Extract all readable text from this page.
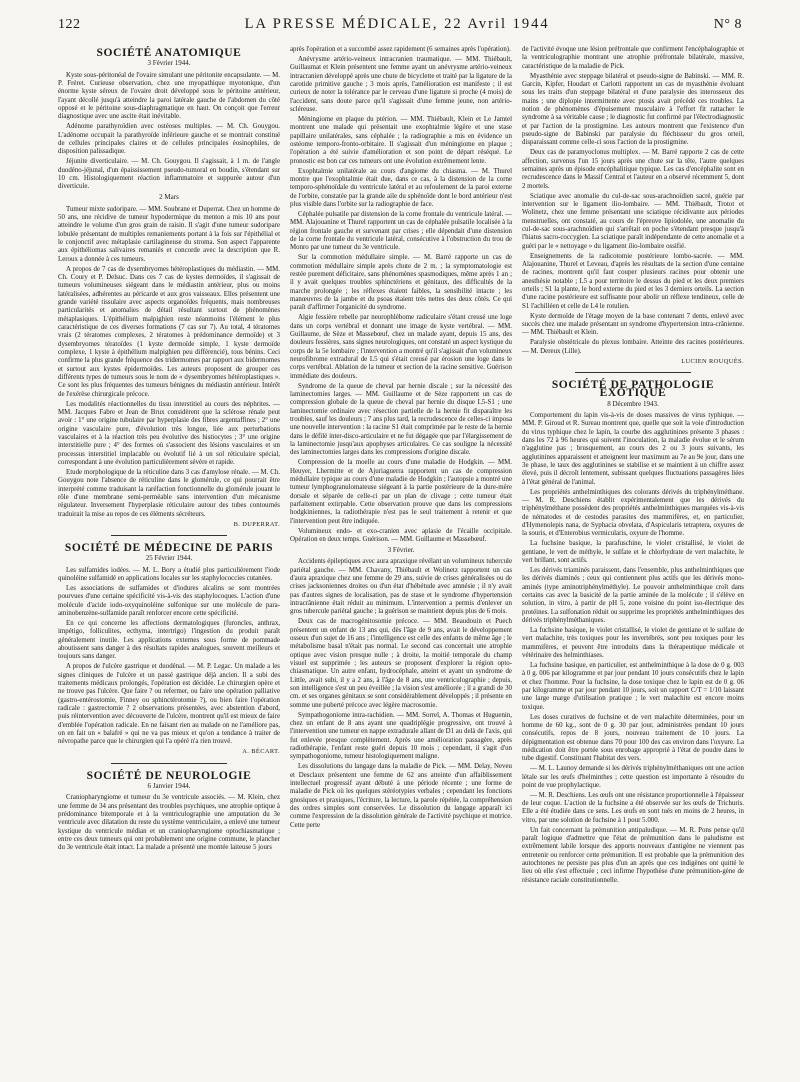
122	LA PRESSE MÉDICALE, 22 Avril 1944	N° 8
SOCIÉTÉ ANATOMIQUE
3 Février 1944.

Kyste sous-péritonéal de l'ovaire simulant une péritonite encapsulante. — M. P. Fréret. Curieuse observation, chez une myopathique myotonique, d'un énorme kyste séreux de l'ovaire droit développé sous le péritoine antérieur, l'ayant décollé jusqu'à atteindre la paroi latérale gauche de l'abdomen du côté opposé et le péritoine sous-diaphragmatique en haut. On conçoit que l'erreur diagnostique avec une ascite était inévitable.

Adénome parathyroïdien avec ostéoses multiples. — M. Ch. Gouygou. L'adénome occupait la parathyroïde inférieure gauche et se montrait constitué de cellules principales claires et de cellules principales éosinophiles, de disposition palissadique.

Jéjunite diverticulaire. — M. Ch. Gouygou. Il s'agissait, à 1 m. de l'angle duodéno-jéjunal, d'un épaississement pseudo-tumoral en boudin, s'étendant sur 10 cm. Histologiquement réaction inflammatoire et suppurée autour d'un diverticule.

2 Mars

Tumeur mixte sudoripare. — MM. Soubrane et Duperrat. Chez un homme de 50 ans, une récidive de tumeur hypodermique du menton a mis 10 ans pour atteindre le volume d'un gros grain de raisin. Il s'agit d'une tumeur sudoripare lobulée présentant de multiples remaniements portant à la fois sur l'épithélial et le conjonctif avec métaplasie cartilagineuse du stroma. Son aspect l'apparente aux épithéliomas salivaires remaniés et concorde avec la description que R. Leroux a donnée à ces tumeurs.

A propos de 7 cas de dysembryomes hétéroplastiques du médiastin. — MM. Ch. Coury et P. Delsuc. Dans ces 7 cas de kystes dermoïdes, il s'agissait de tumeurs volumineuses siégeant dans le médiastin antérieur, plus ou moins latéralisées, adhérentes au péricarde et aux gros vaisseaux. Elles présentent une grande variété tissulaire avec aspects organoïdes fréquents, mais nombreuses particularités et anomalies de détail résultant surtout de phénomènes métaplasiques. L'épithélium malpighien reste néanmoins l'élément le plus caractéristique de ces diverses formations (7 cas sur 7). Au total, 4 tératomes vrais (2 tératomes complexes, 2 tératomes à prédominance dermoïde) et 3 dysembryomes tératoïdes (1 kyste dermoïde simple, 1 kyste dermoïde complexe, 1 kyste à épithélium malpighien peu différencié), tous bénins. Ceci confirme la plus grande fréquence des tridermomes par rapport aux bidermomes et surtout aux kystes épidermoïdes. Les auteurs proposent de grouper ces différents types de tumeurs sous le nom de « dysembryomes hétéroplastiques ». Ce sont les plus fréquentes des tumeurs bénignes du médiastin antérieur. Intérêt de l'exérèse chirurgicale précoce.

Les modalités réactionnelles du tissu interstitiel au cours des néphrites. — MM. Jacques Fabre et Jean de Brux considèrent que la sclérose rénale peut avoir : 1° une origine tubulaire par hyperplasie des fibres argentaffines ; 2° une origine vasculaire pure, d'évolution très longue, liée aux perturbations vasculaires et à la réaction très peu évolutive des histiocytes ; 3° une origine interstitielle pure ; 4° des formes où s'associent des lésions vasculaires et un processus interstitiel implacable ou évolutif lié à un sol réticulaire spécial, correspondant à une évolution particulièrement sévère et rapide.

Etude morphologique de la réticuline dans 3 cas d'amylose rénale. — M. Ch. Gouygou note l'absence de réticuline dans le glomérule, ce qui pourrait être interprété comme traduisant la raréfaction fonctionnelle du glomérule jouant le rôle d'une membrane semi-perméable sans intervention d'un mécanisme régulateur. Inversement l'hyperplasie réticulaire autour des tubes contournés traduirait la mise au repos de ces éléments sécréteurs.

B. DUPERRAT.
SOCIÉTÉ DE MÉDECINE DE PARIS
25 Février 1944.

Les sulfamides iodées. — M. L. Bory a étudié plus particulièrement l'iode quinoléine sulfamidé en applications locales sur les staphylococcies cutanées.

Les associations de sulfamides et d'iodures alcalins se sont montrées pourvues d'une certaine spécificité vis-à-vis des staphylocoques. L'action d'une molécule d'acide iodo-oxyquinoléine sulfonique sur une molécule de para-aminobenzène-sulfamide paraît renforcer encore cette spécificité.

En ce qui concerne les affections dermatologiques (furoncles, anthrax, impétigo, folliculites, ecthyma, intertrigo) l'ingestion du produit paraît généralement inutile. Les applications externes sous forme de pommade aboutissent sans danger à des résultats rapides analogues, souvent meilleurs et toujours sans danger.

A propos de l'ulcère gastrique et duodénal. — M. P. Legac. Un malade a les signes cliniques de l'ulcère et un passé gastrique déjà ancien. Il a subi des traitements médicaux prolongés, l'opération est décidée. Le chirurgien opère et ne trouve pas l'ulcère. Que faire ? ou refermer, ou faire une opération palliative (gastro-entérostomie, Finney ou sphinctérotomie ?), ou bien faire l'opération radicale : gastrectomie ? 2 observations présentées, avec abstention d'abord, puis réintervention avec découverte de l'ulcère, montrent qu'il est mieux de faire d'emblée l'opération radicale. En ne faisant rien au malade on ne l'améliore pas, on en fait un « balafré » qui ne va pas mieux et qu'on a tendance à traiter de névropathe parce que le chirurgien qui l'a opéré n'a rien trouvé.

A. BÉCART.
SOCIÉTÉ DE NEUROLOGIE
6 Janvier 1944.

Craniopharyngiome et tumeur du 3e ventricule associés. — M. Klein, chez une femme de 34 ans présentant des troubles psychiques, une atrophie optique à prédominance bitemporale et à la ventriculographie une amputation du 3e ventricule avec dilatation du reste du système ventriculaire, a enlevé une tumeur kystique du ventricule médian et un craniopharyngiome optochiasmatique ; entre ces deux tumeurs qui ont probablement une origine commune, le plancher du 3e ventricule était intact. La malade a présenté une montée laiteuse 5 jours

après l'opération et a succombé assez rapidement (6 semaines après l'opération).

Anévrysme artério-veineux intracranien traumatique. — MM. Thiébault, Guillaumat et Klein présentent une femme ayant un anévrysme artério-veineux intracranien développé après une chute de bicyclette et traité par la ligature de la carotide primitive gauche ; 3 mois après, l'amélioration est manifeste ; il est curieux de noter la tolérance par le cerveau d'une ligature si proche (4 mois) de l'accident, sans doute parce qu'il s'agissait d'une femme jeune, non artério-scléreuse.

Méningiome en plaque du ptérion. — MM. Thiébault, Klein et Le Jamtel montrent une malade qui présentait une exophtalmie légère et une stase papillaire unilatérales, sans céphalée ; la radiographie a mis en évidence un ostéome temporo-fronto-orbitaire. Il s'agissait d'un méningiome en plaque ; l'opération a été suivie d'amélioration et son point de départ réséqué. Le pronostic est bon car ces tumeurs ont une évolution extrêmement lente.

Exophtalmie unilatérale au cours d'angiome du chiasma. — M. Thurel montre que l'exophtalmie était due, dans ce cas, à la distension de la corne temporo-sphénoïdale du ventricule latéral et au refoulement de la paroi externe de l'orbite, constatée par la grande aile du sphénoïde dont le bord antérieur n'est plus visible dans l'orbite sur la radiographie de face.

Céphalée pulsatile par distension de la corne frontale du ventricule latéral. — MM. Alajouanine et Thurel rapportent un cas de céphalée pulsatile localisée à la région frontale gauche et survenant par crises ; elle dépendait d'une distension de la corne frontale du ventricule latéral, consécutive à l'obstruction du trou de Monro par une tumeur du 3e ventricule.

Sur la commotion médullaire simple. — M. Barré rapporte un cas de commotion médullaire simple après chute de 2 m. ; la symptomatologie est restée purement déficitaire, sans phénomènes spasmodiques, même après 1 an ; il y avait quelques troubles sphinctériens et génitaux, des difficultés de la marche prolongée ; les réflexes étaient faibles, la sensibilité intacte ; les manœuvres de la jambe et du psoas étaient très nettes des deux côtés. Ce qui paraît d'affirmer l'organicité du syndrome.

Algie fessière rebelle par neurophlébome radiculaire s'étant creusé une loge dans un corps vertébral et donnant une image de kyste vertébral. — MM. Guillaume, de Sèze et Massebœuf, chez un malade ayant, depuis 15 ans, des douleurs fessières, sans signes neurologiques, ont constaté un aspect kystique du corps de la 5e lombaire ; l'intervention a montré qu'il s'agissait d'un volumineux neurofibrome extradural de L5 qui s'était creusé par érosion une loge dans le corps vertébral. Ablation de la tumeur et section de la racine sensitive. Guérison immédiate des douleurs.

Syndrome de la queue de cheval par hernie discale ; sur la nécessité des laminectomies larges. — MM. Guillaume et de Sèze rapportent un cas de compression globale de la queue de cheval par hernie du disque L5-S1 ; une laminectomie ordinaire avec résection partielle de la hernie fit disparaître les troubles, sauf les douleurs ; 7 ans plus tard, la recrudescence de celles-ci imposa une nouvelle intervention : la racine S1 était comprimée par le reste de la hernie dans le défilé inter-disco-articulaire et ne fut dégagée que par l'élargissement de la laminectomie jusqu'aux apophyses articulaires. Ce cas souligne la nécessité des laminectomies larges dans les compressions d'origine discale.

Compression de la moelle au cours d'une maladie de Hodgkin. — MM. Heuyer, Lhermitte et de Ajuriaguerra rapportent un cas de compression médullaire typique au cours d'une maladie de Hodgkin ; l'autopsie a montré une tumeur lymphogranulomateuse siégeant à la partie postérieure de la dure-mère dorsale et séparée de celle-ci par un plan de clivage ; cette tumeur était parfaitement extirpable. Cette observation prouve que dans les compressions hodgkiniennes, la radiothérapie n'est pas le seul traitement à retenir et que l'intervention peut être indiquée.

Volumineux endo- et exo-cranien avec aplasie de l'écaille occipitale. Opération en deux temps. Guérison. — MM. Guillaume et Massebœuf.

3 Février.

Accidents épileptiques avec aura apraxique révélant un volumineux tubercule pariétal gauche. — MM. Chavany, Thiébault et Wolinetz rapportent un cas d'aura apraxique chez une femme de 29 ans, suivie de crises généralisées ou de crises jacksoniennes droites ou d'un état d'hébétude avec amnésie ; il n'y avait pas d'autres signes de localisation, pas de stase et le syndrome d'hypertension intracrânienne était réduit au minimum. L'intervention a permis d'enlever un gros tubercule pariétal gauche ; la guérison se maintient depuis plus de 6 mois.

Deux cas de macrogénitosomie précoce. — MM. Beaudouin et Puech présentent un enfant de 13 ans qui, dès l'âge de 9 ans, avait le développement osseux d'un sujet de 16 ans ; l'intelligence est celle des enfants de même âge ; le métabolisme basal n'était pas normal. Le second cas concernait une atrophie optique avec vision presque nulle ; à droite, la moitié temporale du champ visuel est supprimée ; les auteurs se proposent d'explorer la région opto-chiasmatique. Un autre enfant, hydrocéphale, atteint et ayant un syndrome de Little, avait subi, il y a 2 ans, à l'âge de 8 ans, une ventriculographie ; depuis, son intelligence s'est un peu éveillée ; la vision s'est améliorée ; il a grandi de 30 cm. et ses organes génitaux se sont considérablement développés ; il présente en somme une puberté précoce avec légère macrosomie.

Sympathogoniome intra-rachidien. — MM. Sorrel, A. Thomas et Huguenin, chez un enfant de 8 ans ayant une quadriplégie progressive, ont trouvé à l'intervention une tumeur en nappe extradurale allant de D1 au delà de l'axis, qui fut enlevée presque complètement. Après une amélioration passagère, après radiothérapie, l'enfant reste guéri depuis 10 mois ; cependant, il s'agit d'un sympathogoniome, tumeur histologiquement maligne.

Les dissolutions du langage dans la maladie de Pick. — MM. Delay, Neveu et Desclaux présentent une femme de 62 ans atteinte d'un affaiblissement intellectuel progressif ayant débuté à une période récente ; une forme de maladie de Pick où les quelques stéréotypies verbales ; cependant les fonctions gnosiques et praxiques, l'écriture, la lecture, la parole répétée, la compréhension des ordres simples sont conservées. Le dissolution du langage apparaît ici comme l'expression de la dissolution générale de l'activité psychique et motrice. Cette perte

de l'activité évoque une lésion préfrontale que confirment l'encéphalographie et la ventriculographie montrant une atrophie préfrontale bilatérale, massive, caractéristique de la maladie de Pick.

Myasthénie avec steppage bilatéral et pseudo-signe de Babinski. — MM. R. Garcin, Kipfer, Houdart et Carlotti rapportent un cas de myasthénie évoluant sous les traits d'un steppage bilatéral et d'une paralysie des interosseux des mains ; une diplopie intermittente avec ptosis avait précédé ces troubles. La notion de phénomènes d'épuisement musculaire à l'effort fit rattacher le syndrome à sa véritable cause ; le diagnostic fut confirmé par l'électrodiagnostic et par l'action de la prostigmine. Les auteurs montrent que l'existence d'un pseudo-signe de Babinski par paralysie du fléchisseur du gros orteil, disparaissant comme celle-ci sous l'action de la prostigmine.

Deux cas de paramyoclonus multiplex. — M. Barré rapporte 2 cas de cette affection, survenus l'un 15 jours après une chute sur la tête, l'autre quelques semaines après un épisode encéphalitique typique. Les cas d'encéphalite sont en recrudescence dans le Massif Central et l'auteur en a observé récemment 5, dont 2 mortels.

Sciatique avec anomalie du cul-de-sac sous-arachnoïdien sacré, guérie par intervention sur le ligament ilio-lombaire. — MM. Thiébault, Trotot et Wolinetz, chez une femme présentant une sciatique récidivante aux périodes menstruelles, ont constaté, au cours de l'épreuve lipiodolée, une anomalie du cul-de-sac sous-arachnoïdien qui s'arrêtait en poche s'étendant presque jusqu'à l'hiatus sacro-coccygien. La sciatique paraît indépendante de cette anomalie et a guéri par le « nettoyage » du ligament ilio-lombaire ossifié.

Enseignements de la radicotomie postérieure lombo-sacrée. — MM. Alajouanine, Thurel et Leveau, d'après les résultats de la section d'une centaine de racines, montrent qu'il faut couper plusieurs racines pour obtenir une anesthésie notable ; L5 a pour territoire le dessus du pied et les deux premiers orteils ; S1 la plante, le bord externe du pied et les 3 derniers orteils. La section d'une racine postérieure est suffisante pour abolir un réflexe tendineux, celle de S1 l'achilléen et celle de L4 le rotulien.

Kyste dermoïde de l'étage moyen de la base contenant 7 dents, enlevé avec succès chez une malade présentant un syndrome d'hypertension intra-crânienne. — MM. Thiébault et Klein.

Paralysie obstétricale du plexus lombaire. Atteinte des racines postérieures. — M. Dereux (Lille).

LUCIEN ROUQUÈS.
SOCIÉTÉ DE PATHOLOGIE EXOTIQUE
8 Décembre 1943.

Comportement du lapin vis-à-vis de doses massives de virus typhique. — MM. P. Giroud et R. Sureau montrent que, quelle que soit la voie d'introduction du virus typhique chez le lapin, la courbe des agglutinines présente 3 phases : dans les 72 à 96 heures qui suivent l'inoculation, la maladie évolue et le sérum n'agglutine pas ; brusquement, au cours des 2 ou 3 jours suivants, les agglutinines apparaissent et atteignent leur maximum au 7e au 9e jour, dans une 3e phase, le taux des agglutinines se stabilise et se maintient à un chiffre assez élevé, puis il décroît lentement, subissant quelques fluctuations passagères liées à l'état général de l'animal.

Les propriétés anthelminthiques des colorants dérivés du triphénylméthane. — M. R. Deschiens établit expérimentalement que les dérivés du triphénylméthane possèdent des propriétés anthelminthiques marquées vis-à-vis de nématodes et de cestodes parasites des mammifères, et, en particulier, d'Hymenolepis nana, de Syphacia obvelata, d'Aspicularis tetraptera, oxyures de la souris, et d'Enterobius vermicularis, oxyure de l'homme.

La fuchsine basique, la parafuschine, le violet cristallisé, le violet de gentiane, le vert de méthyle, le sulfate et le chlorhydrate de vert malachite, le vert brillant, sont actifs.

Les dérivés triaminés paraissent, dans l'ensemble, plus anthelminthiques que les dérivés diaminés ; ceux qui contiennent plus actifs que les dérivés mono-aminés (type aminotriphénylméthyle). Le pouvoir anthelminthique croît dans certains cas avec la basicité de la partie aminée de la molécule ; il s'élève en solution, in vitro, à partir de pH 5, zone voisine du point iso-électrique des protéines. La sulfonation réduit ou supprime les propriétés anthelminthiques des dérivés triphénylméthaniques.

La fuchsine basique, le violet cristallisé, le violet de gentiane et le sulfate de vert malachite, très toxiques pour les invertébrés, sont peu toxiques pour les mammifères, et peuvent être introduits dans la thérapeutique médicale et vétérinaire des helminthiases.

La fuchsine basique, en particulier, est anthelminthique à la dose de 0 g. 003 à 0 g. 006 par kilogramme et par jour pendant 10 jours consécutifs chez le lapin et chez l'homme. Pour la fuchsine, la dose toxique chez le lapin est de 0 g. 06 par kilogramme et par jour pendant 10 jours, soit un rapport C/T = 1/10 laissant une large marge d'utilisation pratique ; le vert malachite est encore moins toxique.

Les doses curatives de fuchsine et de vert malachite déterminées, pour un homme de 60 kg., sont de 0 g. 30 par jour, administrées pendant 10 jours consécutifs, repos de 8 jours, nouveau traitement de 10 jours. La dépigmentation est obtenue dans 70 pour 100 des cas environ dans l'oxyure. La médication doit être portée sous enrobage approprié à l'état de poudre dans le tube digestif. Constituant l'habitat des vers.

— M. L. Launoy demande si les dérivés triphénylméthaniques ont une action létale sur les œufs d'helminthes ; cette question est importante à résoudre du point de vue prophylactique.

— M. R. Deschiens. Les œufs ont une résistance proportionnelle à l'épaisseur de leur coque. L'action de la fuchsine a été observée sur les œufs de Trichuris. Elle a été étudiée dans ce sens. Les œufs en sont tués en moins de 2 heures, in vitro, par une solution de fuchsine à 1 pour 5.000.

Un fait concernant la prémunition antipaludique. — M. R. Pons pense qu'il paraît logique d'admettre que l'état de prémunition dans le paludisme est extrêmement labile lorsque des apports nouveaux d'antigène ne viennent pas entretenir ou renforcer cette prémunition. Il est probable que la prémunition des autochtones ne persiste pas plus d'un an après que ces indigènes ont quitté le lieu où elle s'est effectuée ; ceci infirme l'hypothèse d'une prémunition-gène de résistance raciale constitutionnelle.
